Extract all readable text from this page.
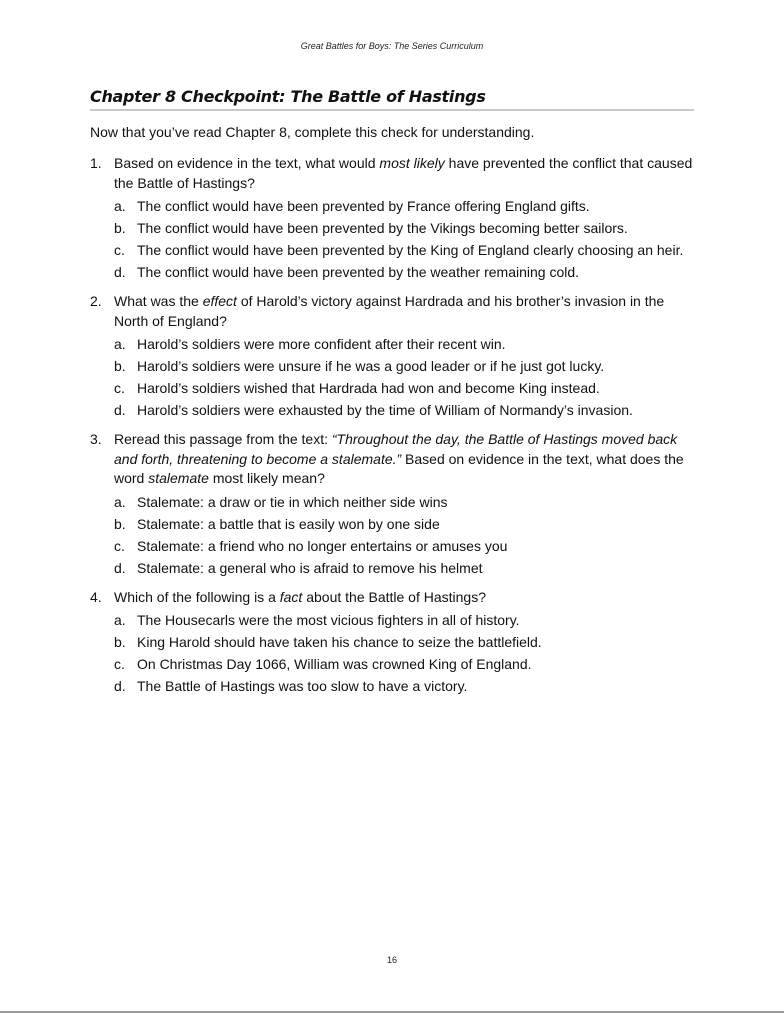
Great Battles for Boys: The Series Curriculum
Chapter 8 Checkpoint: The Battle of Hastings
Now that you’ve read Chapter 8, complete this check for understanding.
1. Based on evidence in the text, what would most likely have prevented the conflict that caused the Battle of Hastings?
a. The conflict would have been prevented by France offering England gifts.
b. The conflict would have been prevented by the Vikings becoming better sailors.
c. The conflict would have been prevented by the King of England clearly choosing an heir.
d. The conflict would have been prevented by the weather remaining cold.
2. What was the effect of Harold’s victory against Hardrada and his brother’s invasion in the North of England?
a. Harold’s soldiers were more confident after their recent win.
b. Harold’s soldiers were unsure if he was a good leader or if he just got lucky.
c. Harold’s soldiers wished that Hardrada had won and become King instead.
d. Harold’s soldiers were exhausted by the time of William of Normandy’s invasion.
3. Reread this passage from the text: “Throughout the day, the Battle of Hastings moved back and forth, threatening to become a stalemate.” Based on evidence in the text, what does the word stalemate most likely mean?
a. Stalemate: a draw or tie in which neither side wins
b. Stalemate: a battle that is easily won by one side
c. Stalemate: a friend who no longer entertains or amuses you
d. Stalemate: a general who is afraid to remove his helmet
4. Which of the following is a fact about the Battle of Hastings?
a. The Housecarls were the most vicious fighters in all of history.
b. King Harold should have taken his chance to seize the battlefield.
c. On Christmas Day 1066, William was crowned King of England.
d. The Battle of Hastings was too slow to have a victory.
16
